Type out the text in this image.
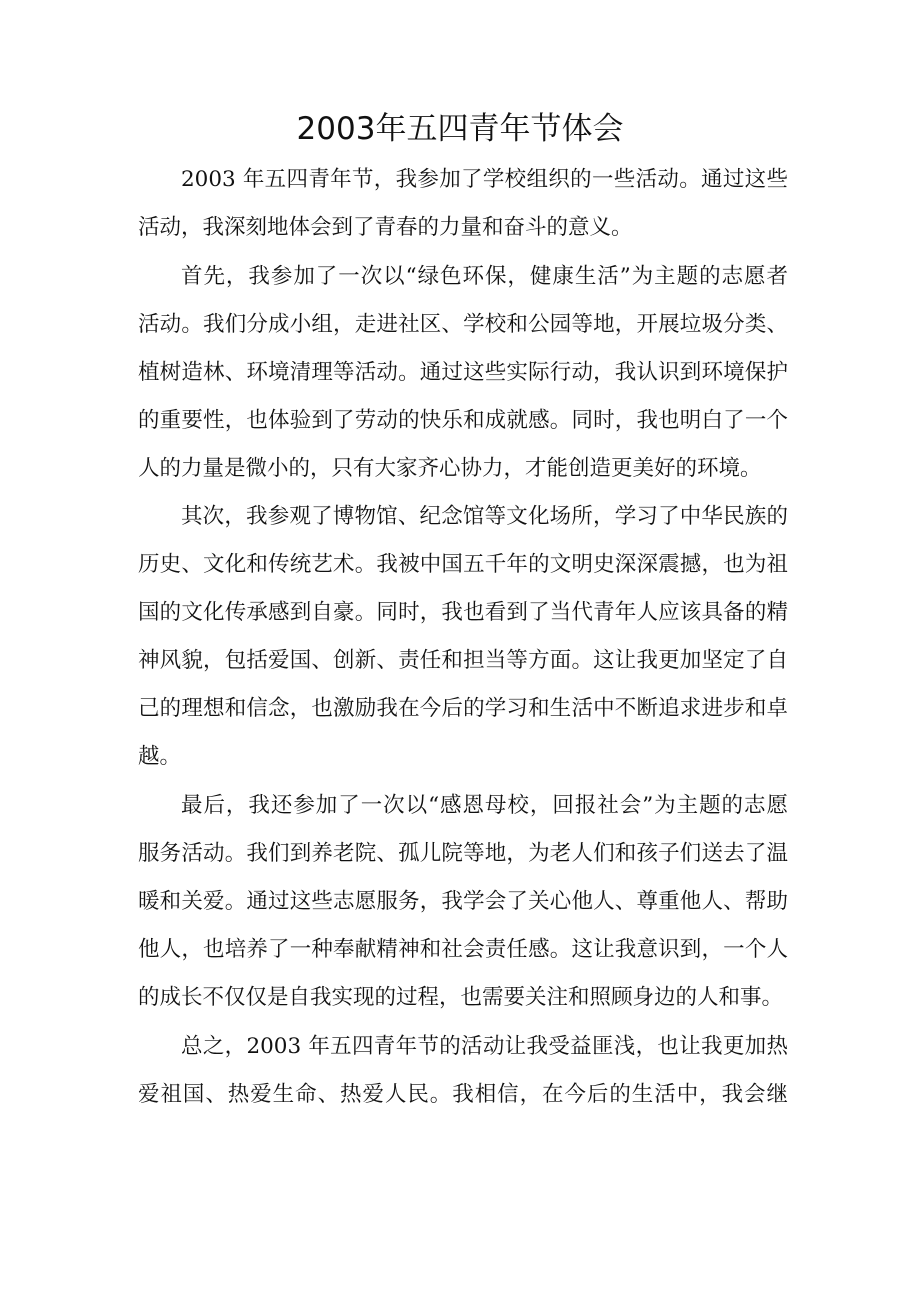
2003年五四青年节体会
2003 年五四青年节，我参加了学校组织的一些活动。通过这些
活动，我深刻地体会到了青春的力量和奋斗的意义。
首先，我参加了一次以“绿色环保，健康生活”为主题的志愿者
活动。我们分成小组，走进社区、学校和公园等地，开展垃圾分类、
植树造林、环境清理等活动。通过这些实际行动，我认识到环境保护
的重要性，也体验到了劳动的快乐和成就感。同时，我也明白了一个
人的力量是微小的，只有大家齐心协力，才能创造更美好的环境。
其次，我参观了博物馆、纪念馆等文化场所，学习了中华民族的
历史、文化和传统艺术。我被中国五千年的文明史深深震撼，也为祖
国的文化传承感到自豪。同时，我也看到了当代青年人应该具备的精
神风貌，包括爱国、创新、责任和担当等方面。这让我更加坚定了自
己的理想和信念，也激励我在今后的学习和生活中不断追求进步和卓
越。
最后，我还参加了一次以“感恩母校，回报社会”为主题的志愿
服务活动。我们到养老院、孤儿院等地，为老人们和孩子们送去了温
暖和关爱。通过这些志愿服务，我学会了关心他人、尊重他人、帮助
他人，也培养了一种奉献精神和社会责任感。这让我意识到，一个人
的成长不仅仅是自我实现的过程，也需要关注和照顾身边的人和事。
总之，2003 年五四青年节的活动让我受益匪浅，也让我更加热
爱祖国、热爱生命、热爱人民。我相信，在今后的生活中，我会继
